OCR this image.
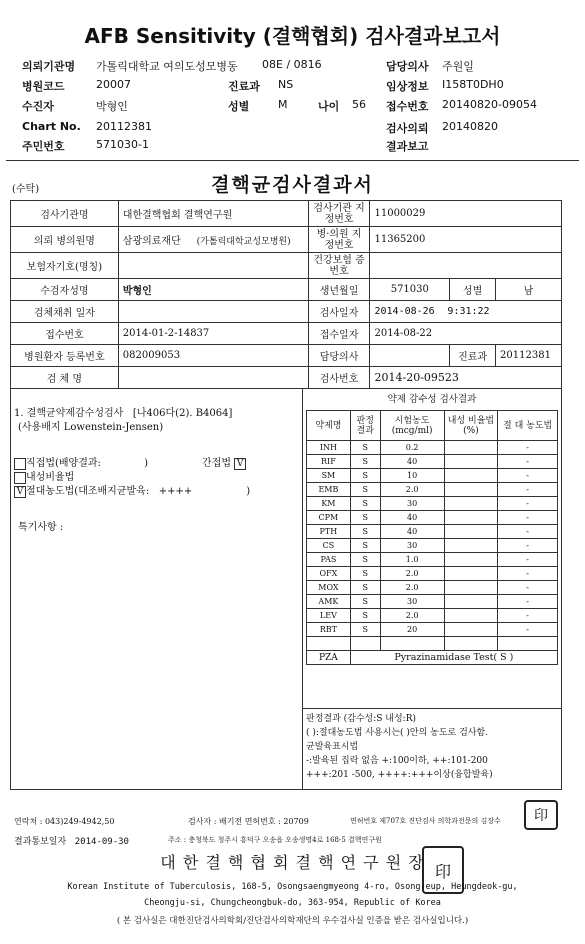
AFB Sensitivity (결핵협회) 검사결과보고서
의뢰기관명 가톨릭대학교 여의도성모병동 08E / 0816	담당의사 주원일
병원코드	20007	진료과 NS	임상정보 I158T0DH0
수진자	박형인	성별	M	나이 56 접수번호 20140820-09054
Chart No. 20112381	검사의뢰 20140820
주민번호	571030-1	결과보고
(수탁)	결핵균검사결과서
검사기관명	대한결핵협회 결핵연구원	검사기관 지정번호	11000029		
의뢰 병의원명	삼광의료재단 (가톨릭대학교성모병원)	병·의원 지정번호	11365200		
보험자기호(명칭)		건강보험 증번호			
수검자성명	박형인	생년월일	571030	성별	남
검체채취 일자		검사일자	2014-08-26 9:31:22		
접수번호	2014-01-2-14837	접수일자	2014-08-22		
병원환자 등록번호	082009053	담당의사		진료과	20112381
검 체 명		검사번호	2014-20-09523		
1. 결핵균약제감수성검사 [나406다(2). B4064]
(사용배지 Lowenstein-Jensen)
직접법(배양결과:	)	간접법 V
내성비율법
V 절대농도법(대조배지균발육: ++++	)
특기사항 :
약제 감수성 검사결과
약제명	판정 결과	시험농도 (mcg/ml)	내성 비율법(%)	절 대 농도법
INH	S	0.2		-
RIF	S	40		-
SM	S	10		-
EMB	S	2.0		-
KM	S	30		-
CPM	S	40		-
PTH	S	40		-
CS	S	30		-
PAS	S	1.0		-
OFX	S	2.0		-
MOX	S	2.0		-
AMK	S	30		-
LEV	S	2.0		-
RBT	S	20		-

PZA	Pyrazinamidase Test( S )			
판정결과 (감수성:S 내성:R)
( ):절대농도법 사용시는( )안의 농도로 검사함.
균발육표시법
-:발육된 집락 없음 +:100이하, ++:101-200
+++:201 -500, ++++:+++이상(융합발육)
印
연락처 : 043)249-4942,50	검사자 : 배기전 면허번호 : 20709	면허번호 제707호 진단검사 의학과전문의 김장수
결과통보일자 2014-09-30	주소 : 충청북도 청주시 흥덕구 오송읍 오송생명4로 168-5 결핵연구원
대 한 결 핵 협 회 결 핵 연 구 원 장 印
Korean Institute of Tuberculosis, 168-5, Osongsaengmyeong 4-ro, Osong-eup, Heungdeok-gu,
Cheongju-si, Chungcheongbuk-do, 363-954, Republic of Korea
( 본 검사실은 대한진단검사의학회/진단검사의학재단의 우수검사실 인증을 받은 검사실입니다.)
